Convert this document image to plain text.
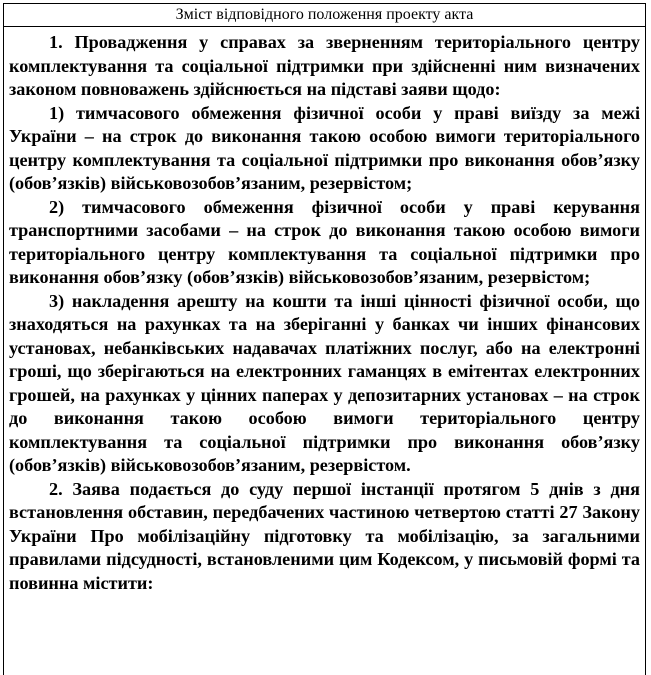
Зміст відповідного положення проекту акта

1. Провадження у справах за зверненням територіального центру комплектування та соціальної підтримки при здійсненні ним визначених законом повноважень здійснюється на підставі заяви щодо:

1) тимчасового обмеження фізичної особи у праві виїзду за межі України – на строк до виконання такою особою вимоги територіального центру комплектування та соціальної підтримки про виконання обов’язку (обов’язків) військовозобов’язаним, резервістом;

2) тимчасового обмеження фізичної особи у праві керування транспортними засобами – на строк до виконання такою особою вимоги територіального центру комплектування та соціальної підтримки про виконання обов’язку (обов’язків) військовозобов’язаним, резервістом;

3) накладення арешту на кошти та інші цінності фізичної особи, що знаходяться на рахунках та на зберіганні у банках чи інших фінансових установах, небанківських надавачах платіжних послуг, або на електронні гроші, що зберігаються на електронних гаманцях в емітентах електронних грошей, на рахунках у цінних паперах у депозитарних установах – на строк до виконання такою особою вимоги територіального центру комплектування та соціальної підтримки про виконання обов’язку (обов’язків) військовозобов’язаним, резервістом.

2. Заява подається до суду першої інстанції протягом 5 днів з дня встановлення обставин, передбачених частиною четвертою статті 27 Закону України Про мобілізаційну підготовку та мобілізацію, за загальними правилами підсудності, встановленими цим Кодексом, у письмовій формі та повинна містити:
